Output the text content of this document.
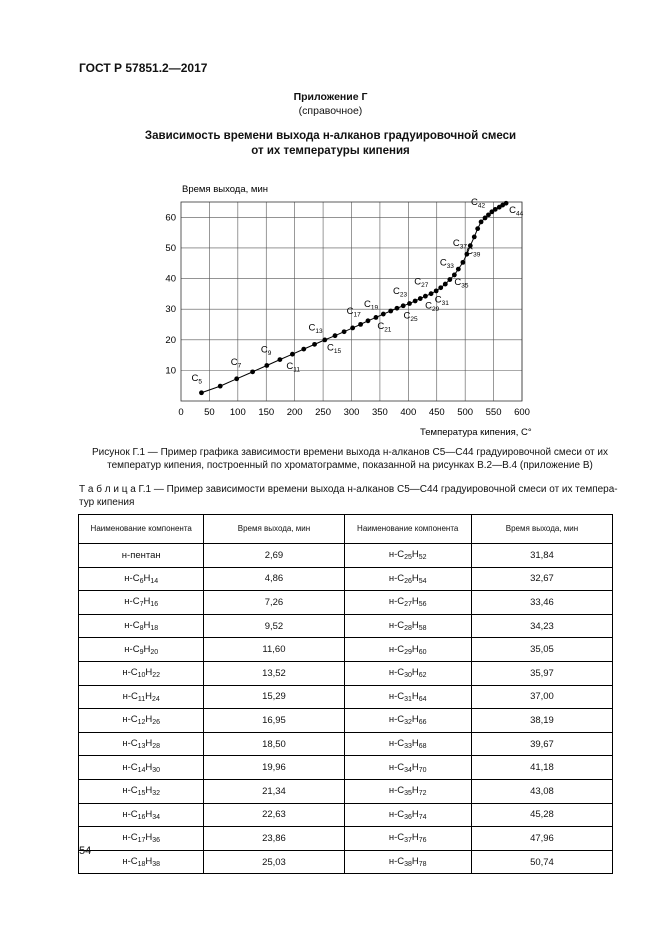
ГОСТ Р 57851.2—2017
Приложение Г
(справочное)
Зависимость времени выхода н-алканов градуировочной смеси
от их температуры кипения
Время выхода, мин
Температура кипения, С°
0 50 100 150 200 250 300 350 400 450 500 550 600
10
20
30
40
50
60
$C_5$
$C_7$
$C_9$
$C_{11}$
$C_{13}$
$C_{15}$
$C_{17}$
$C_{19}$
$C_{21}$
$C_{23}$
$C_{25}$
$C_{27}$
$C_{29}$
$C_{31}$
$C_{33}$
$C_{35}$
$C_{37}$ $C_{39}$
$C_{42}$	$C_{44}$
Рисунок Г.1 — Пример графика зависимости времени выхода н-алканов С5—С44 градуировочной смеси от их
температур кипения, построенный по хроматограмме, показанной на рисунках В.2—В.4 (приложение В)
Т а б л и ц а Г.1 — Пример зависимости времени выхода н-алканов С5—С44 градуировочной смеси от их темпера-
тур кипения
Наименование компонента	Время выхода, мин	Наименование компонента	Время выхода, мин
н-пентан	2,69	$н-C_{25}H_{52}$	31,84
$н-C_6H_{14}$	4,86	$н-C_{26}H_{54}$	32,67
$н-C_7H_{16}$	7,26	$н-C_{27}H_{56}$	33,46
$н-C_8H_{18}$	9,52	$н-C_{28}H_{58}$	34,23
$н-C_9H_{20}$	11,60	$н-C_{29}H_{60}$	35,05
$н-C_{10}H_{22}$	13,52	$н-C_{30}H_{62}$	35,97
$н-C_{11}H_{24}$	15,29	$н-C_{31}H_{64}$	37,00
$н-C_{12}H_{26}$	16,95	$н-C_{32}H_{66}$	38,19
$н-C_{13}H_{28}$	18,50	$н-C_{33}H_{68}$	39,67
$н-C_{14}H_{30}$	19,96	$н-C_{34}H_{70}$	41,18
$н-C_{15}H_{32}$	21,34	$н-C_{35}H_{72}$	43,08
$н-C_{16}H_{34}$	22,63	$н-C_{36}H_{74}$	45,28
$н-C_{17}H_{36}$	23,86	$н-C_{37}H_{76}$	47,96
$н-C_{18}H_{38}$	25,03	$н-C_{38}H_{78}$	50,74
54
